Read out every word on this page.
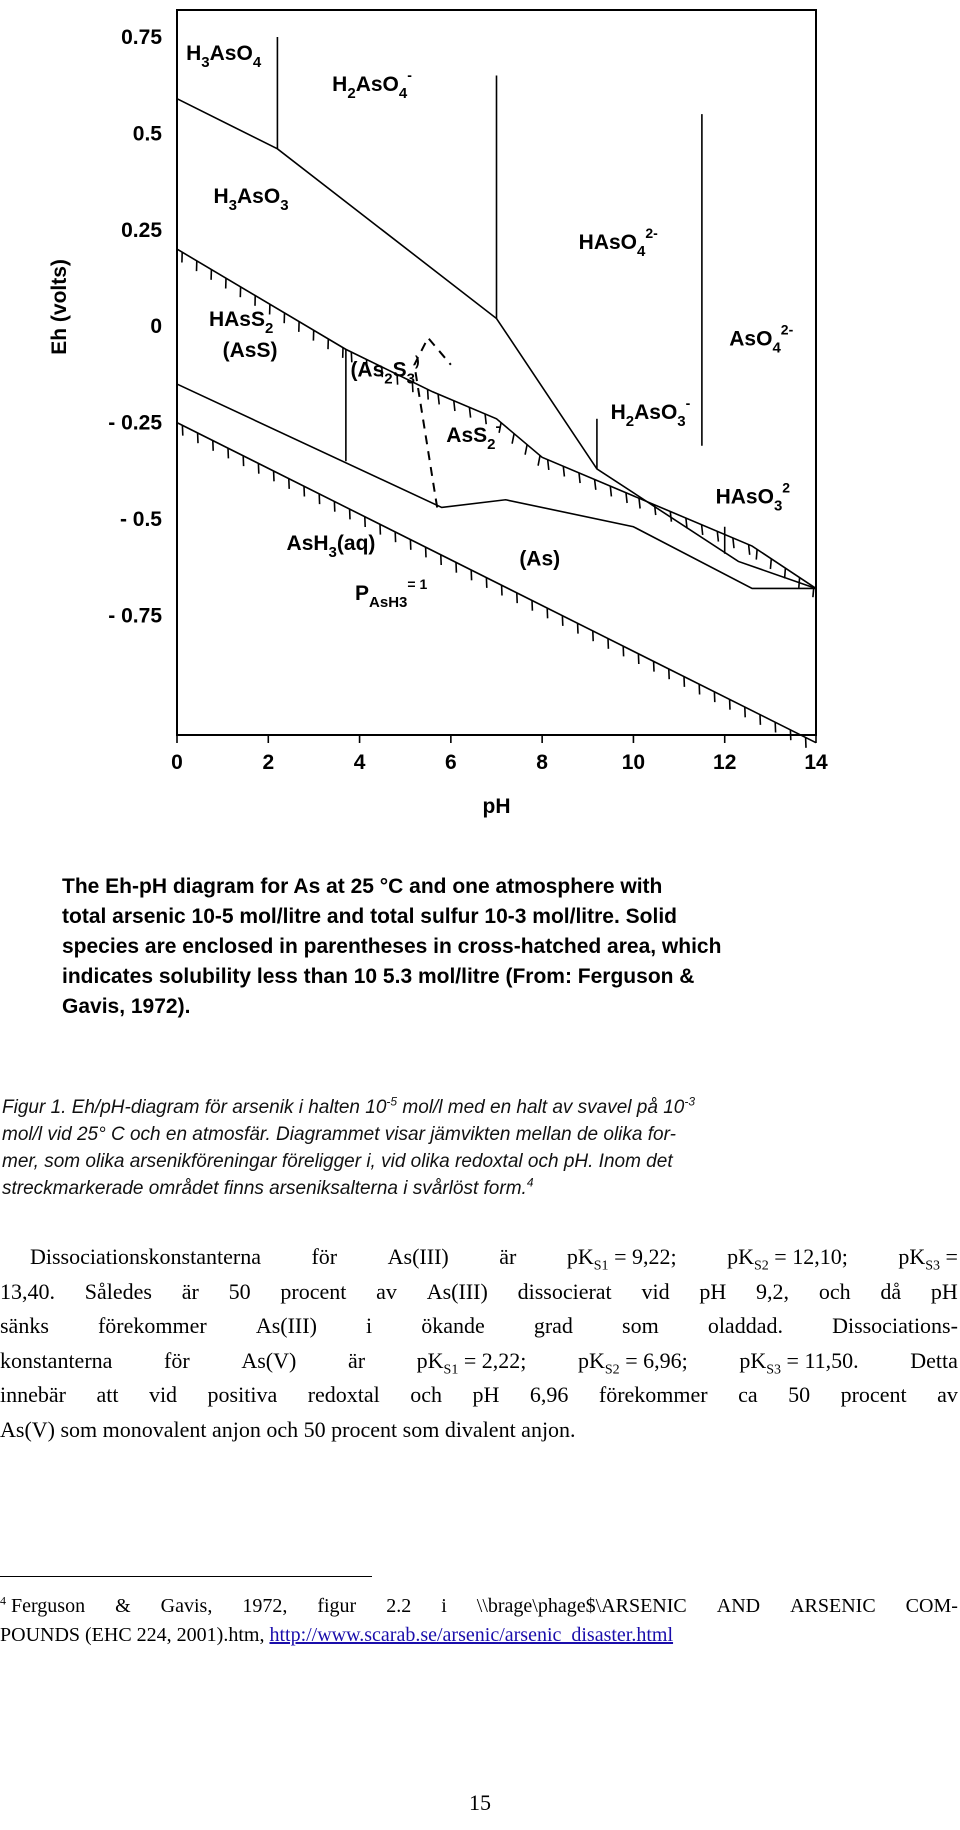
0	2	4	6	8	10	12	14
0.75
0.5
0.25
0
- 0.25
- 0.5
- 0.75
pH
Eh (volts)
$H_3AsO_4$
$H_2AsO_4^-$
$H_3AsO_3$
HAsO$_4^{2-}$
HAsS$_2$
(AsS)
($As_2S_3^)$
AsO$_4^{2-}$
$H_2AsO_3^-$
AsS$_2$-
HAsO$_3^2$
AsH$_3$(aq)
(As)
$P_{AsH}3^{= 1}$
The Eh-pH diagram for As at 25 °C and one atmosphere with
total arsenic 10-5 mol/litre and total sulfur 10-3 mol/litre. Solid
species are enclosed in parentheses in cross-hatched area, which
indicates solubility less than 10 5.3 mol/litre (From: Ferguson &
Gavis, 1972).
Figur 1. Eh/pH-diagram för arsenik i halten $10^{-5}$ mol/l med en halt av svavel på $10^{-3}$
mol/l vid 25° C och en atmosfär. Diagrammet visar jämvikten mellan de olika for-
mer, som olika arsenikföreningar föreligger i, vid olika redoxtal och pH. Inom det
streckmarkerade området finns arseniksalterna i svårlöst form.$^4$
Dissociationskonstanterna för As(III) är $pK_{S1} = 9,22$; $pK_{S2} = 12,10$; $pK_{S3}$ =
13,40. Således är 50 procent av As(III) dissocierat vid pH 9,2, och då pH
sänks förekommer As(III) i ökande grad som oladdad. Dissociations-
konstanterna för As(V) är $pK_{S1} = 2,22$; $pK_{S2} = 6,96$; $pK_{S3} = 11,50$. Detta
innebär att vid positiva redoxtal och pH 6,96 förekommer ca 50 procent av
As(V) som monovalent anjon och 50 procent som divalent anjon.
$^4$ Ferguson & Gavis, 1972, figur 2.2 i \\brage\phage$\ARSENIC AND ARSENIC COM-
POUNDS (EHC 224, 2001).htm, http://www.scarab.se/arsenic/arsenic_disaster.html
15
